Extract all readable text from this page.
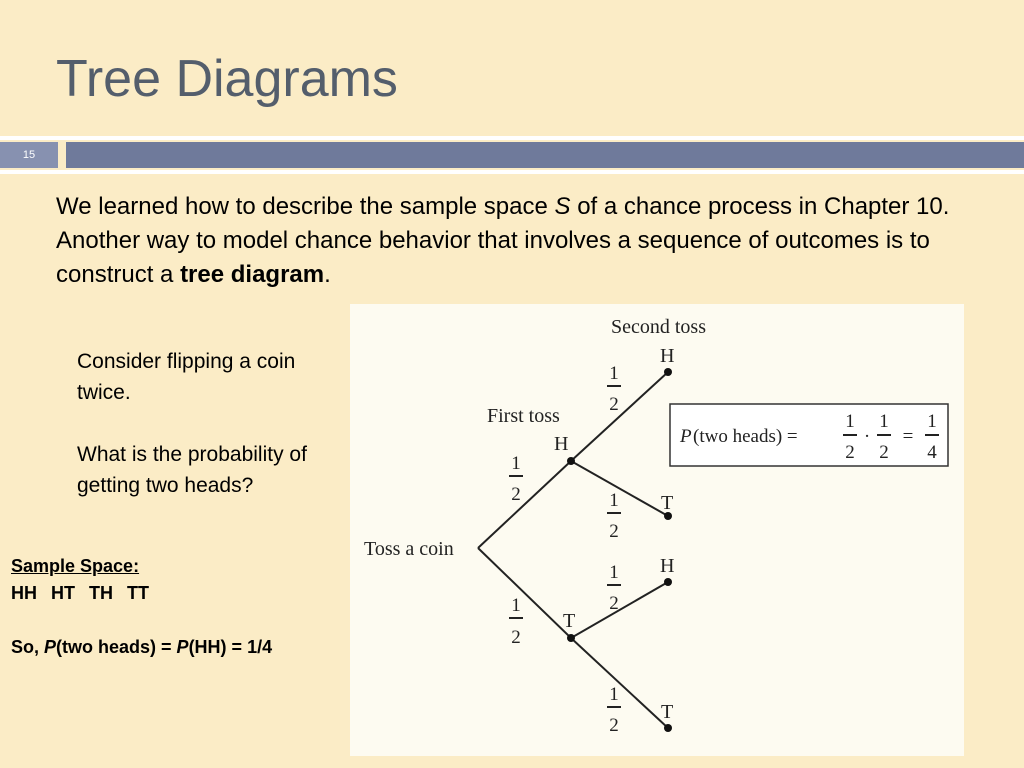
Tree Diagrams
15
We learned how to describe the sample space S of a chance process in Chapter 10. Another way to model chance behavior that involves a sequence of outcomes is to construct a tree diagram.

Consider flipping a coin twice.

What is the probability of getting two heads?

Sample Space:
HH HT TH TT
So, P(two heads) = P(HH) = 1/4
Toss a coin
First toss
Second toss
H
T
H
T
H
T
1
2
1
2
1
2
1
2
1
2
1
2
P (two heads) =
1
2
·
1
2
=
1
4
